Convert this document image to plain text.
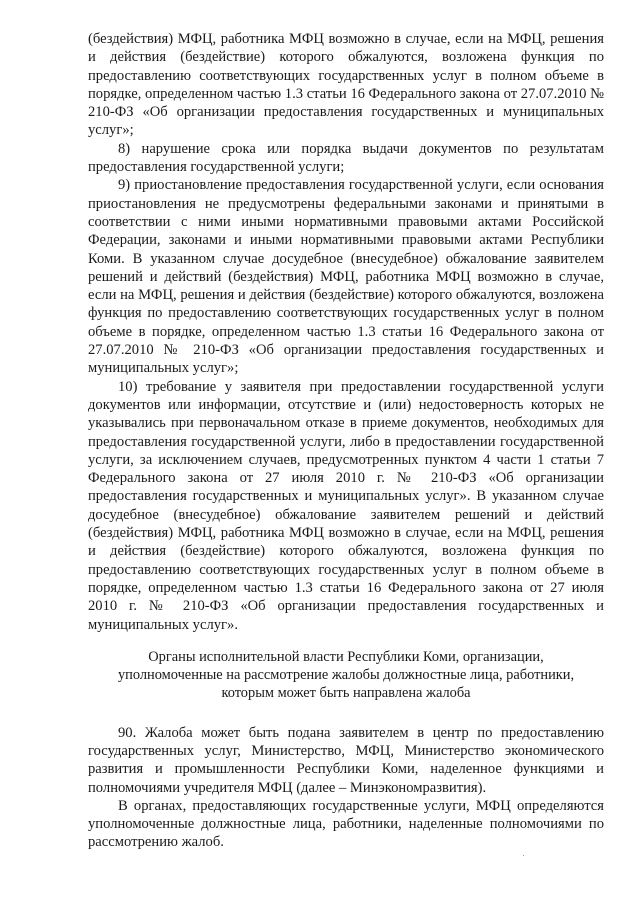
(бездействия) МФЦ, работника МФЦ возможно в случае, если на МФЦ, решения и действия (бездействие) которого обжалуются, возложена функция по предоставлению соответствующих государственных услуг в полном объеме в порядке, определенном частью 1.3 статьи 16 Федерального закона от 27.07.2010 № 210-ФЗ «Об организации предоставления государственных и муниципальных услуг»;

8) нарушение срока или порядка выдачи документов по результатам предоставления государственной услуги;

9) приостановление предоставления государственной услуги, если основания приостановления не предусмотрены федеральными законами и принятыми в соответствии с ними иными нормативными правовыми актами Российской Федерации, законами и иными нормативными правовыми актами Республики Коми. В указанном случае досудебное (внесудебное) обжалование заявителем решений и действий (бездействия) МФЦ, работника МФЦ возможно в случае, если на МФЦ, решения и действия (бездействие) которого обжалуются, возложена функция по предоставлению соответствующих государственных услуг в полном объеме в порядке, определенном частью 1.3 статьи 16 Федерального закона от 27.07.2010 № 210-ФЗ «Об организации предоставления государственных и муниципальных услуг»;

10) требование у заявителя при предоставлении государственной услуги документов или информации, отсутствие и (или) недостоверность которых не указывались при первоначальном отказе в приеме документов, необходимых для предоставления государственной услуги, либо в предоставлении государственной услуги, за исключением случаев, предусмотренных пунктом 4 части 1 статьи 7 Федерального закона от 27 июля 2010 г. № 210-ФЗ «Об организации предоставления государственных и муниципальных услуг». В указанном случае досудебное (внесудебное) обжалование заявителем решений и действий (бездействия) МФЦ, работника МФЦ возможно в случае, если на МФЦ, решения и действия (бездействие) которого обжалуются, возложена функция по предоставлению соответствующих государственных услуг в полном объеме в порядке, определенном частью 1.3 статьи 16 Федерального закона от 27 июля 2010 г. № 210-ФЗ «Об организации предоставления государственных и муниципальных услуг».

Органы исполнительной власти Республики Коми, организации,
уполномоченные на рассмотрение жалобы должностные лица, работники,
которым может быть направлена жалоба

90. Жалоба может быть подана заявителем в центр по предоставлению государственных услуг, Министерство, МФЦ, Министерство экономического развития и промышленности Республики Коми, наделенное функциями и полномочиями учредителя МФЦ (далее – Минэкономразвития).

В органах, предоставляющих государственные услуги, МФЦ определяются уполномоченные должностные лица, работники, наделенные полномочиями по рассмотрению жалоб.
